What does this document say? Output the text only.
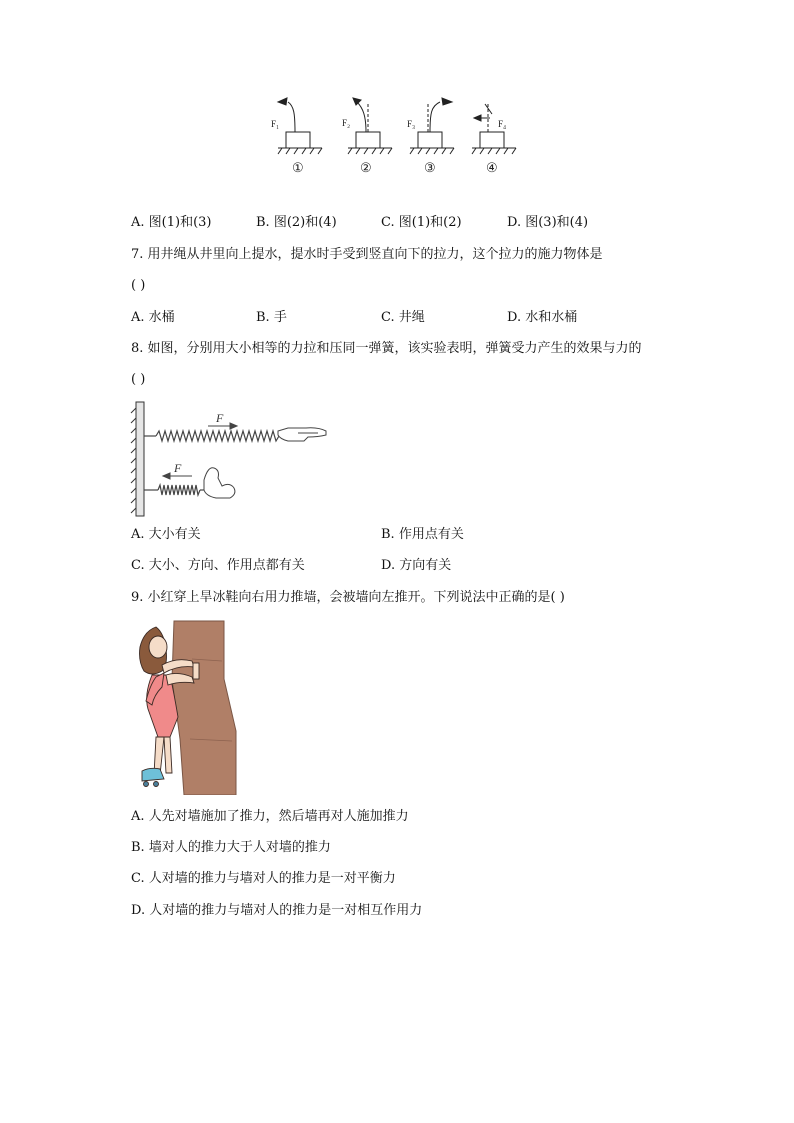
F₁	F₂	F₃	F₄
①	②	③	④
A. 图(1)和(3)	B. 图(2)和(4)	C. 图(1)和(2)	D. 图(3)和(4)
7. 用井绳从井里向上提水，提水时手受到竖直向下的拉力，这个拉力的施力物体是
( )
A. 水桶	B. 手	C. 井绳	D. 水和水桶
8. 如图，分别用大小相等的力拉和压同一弹簧，该实验表明，弹簧受力产生的效果与力的
( )
F
F
A. 大小有关	B. 作用点有关
C. 大小、方向、作用点都有关	D. 方向有关
9. 小红穿上旱冰鞋向右用力推墙，会被墙向左推开。下列说法中正确的是( )
A. 人先对墙施加了推力，然后墙再对人施加推力
B. 墙对人的推力大于人对墙的推力
C. 人对墙的推力与墙对人的推力是一对平衡力
D. 人对墙的推力与墙对人的推力是一对相互作用力
